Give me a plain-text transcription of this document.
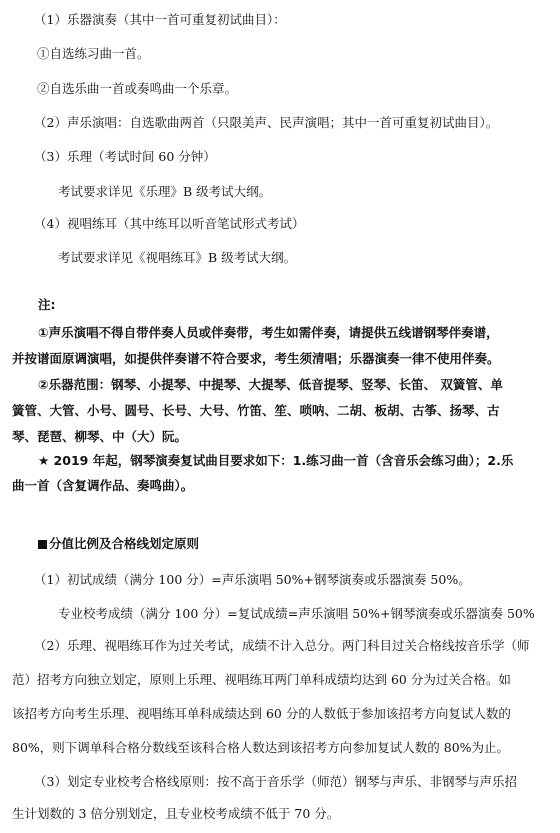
（1）乐器演奏（其中一首可重复初试曲目）：
①自选练习曲一首。
②自选乐曲一首或奏鸣曲一个乐章。
（2）声乐演唱：自选歌曲两首（只限美声、民声演唱；其中一首可重复初试曲目）。
（3）乐理（考试时间 60 分钟）
考试要求详见《乐理》B 级考试大纲。
（4）视唱练耳（其中练耳以听音笔试形式考试）
考试要求详见《视唱练耳》B 级考试大纲。
注:
①声乐演唱不得自带伴奏人员或伴奏带，考生如需伴奏，请提供五线谱钢琴伴奏谱，
并按谱面原调演唱，如提供伴奏谱不符合要求，考生须清唱；乐器演奏一律不使用伴奏。
②乐器范围：钢琴、小提琴、中提琴、大提琴、低音提琴、竖琴、长笛、 双簧管、单
簧管、大管、小号、圆号、长号、大号、竹笛、笙、唢呐、二胡、板胡、古筝、扬琴、古
琴、琵琶、柳琴、中（大）阮。
★ 2019 年起，钢琴演奏复试曲目要求如下：1.练习曲一首（含音乐会练习曲）；2.乐
曲一首（含复调作品、奏鸣曲）。
分值比例及合格线划定原则
（1）初试成绩（满分 100 分）=声乐演唱 50%+钢琴演奏或乐器演奏 50%。
专业校考成绩（满分 100 分）=复试成绩=声乐演唱 50%+钢琴演奏或乐器演奏 50%
（2）乐理、视唱练耳作为过关考试，成绩不计入总分。两门科目过关合格线按音乐学（师
范）招考方向独立划定，原则上乐理、视唱练耳两门单科成绩均达到 60 分为过关合格。如
该招考方向考生乐理、视唱练耳单科成绩达到 60 分的人数低于参加该招考方向复试人数的
80%，则下调单科合格分数线至该科合格人数达到该招考方向参加复试人数的 80%为止。
（3）划定专业校考合格线原则：按不高于音乐学（师范）钢琴与声乐、非钢琴与声乐招
生计划数的 3 倍分别划定，且专业校考成绩不低于 70 分。
